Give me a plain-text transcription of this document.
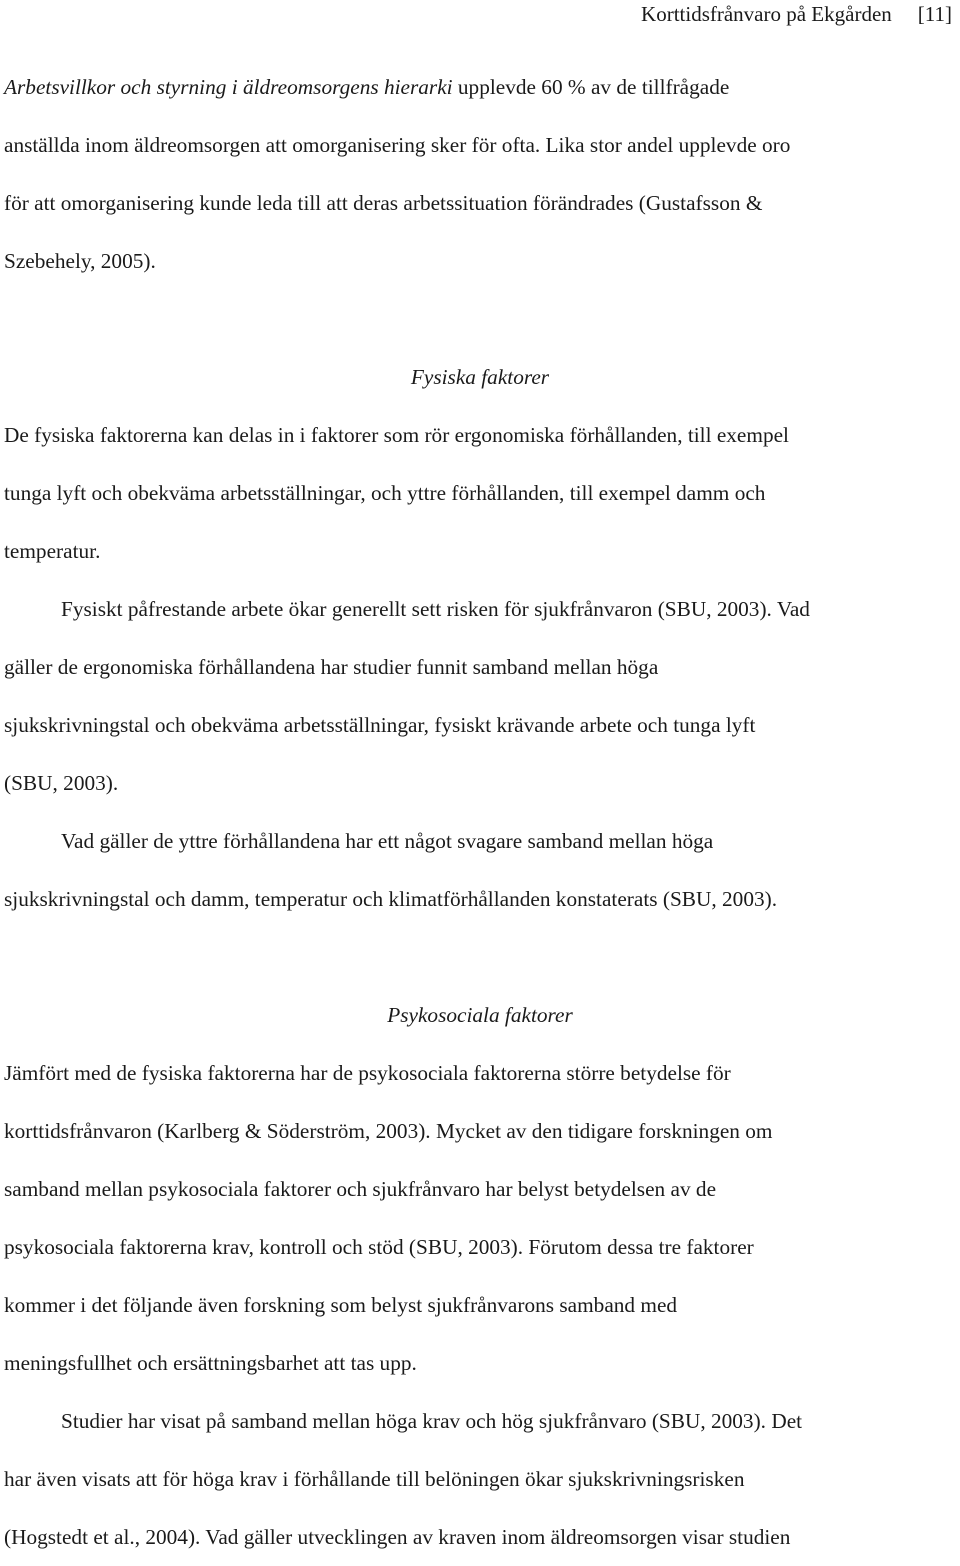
Korttidsfrånvaro på Ekgården [11]
Arbetsvillkor och styrning i äldreomsorgens hierarki upplevde 60 % av de tillfrågade
anställda inom äldreomsorgen att omorganisering sker för ofta. Lika stor andel upplevde oro
för att omorganisering kunde leda till att deras arbetssituation förändrades (Gustafsson &
Szebehely, 2005).
Fysiska faktorer
De fysiska faktorerna kan delas in i faktorer som rör ergonomiska förhållanden, till exempel
tunga lyft och obekväma arbetsställningar, och yttre förhållanden, till exempel damm och
temperatur.
Fysiskt påfrestande arbete ökar generellt sett risken för sjukfrånvaron (SBU, 2003). Vad
gäller de ergonomiska förhållandena har studier funnit samband mellan höga
sjukskrivningstal och obekväma arbetsställningar, fysiskt krävande arbete och tunga lyft
(SBU, 2003).
Vad gäller de yttre förhållandena har ett något svagare samband mellan höga
sjukskrivningstal och damm, temperatur och klimatförhållanden konstaterats (SBU, 2003).
Psykosociala faktorer
Jämfört med de fysiska faktorerna har de psykosociala faktorerna större betydelse för
korttidsfrånvaron (Karlberg & Söderström, 2003). Mycket av den tidigare forskningen om
samband mellan psykosociala faktorer och sjukfrånvaro har belyst betydelsen av de
psykosociala faktorerna krav, kontroll och stöd (SBU, 2003). Förutom dessa tre faktorer
kommer i det följande även forskning som belyst sjukfrånvarons samband med
meningsfullhet och ersättningsbarhet att tas upp.
Studier har visat på samband mellan höga krav och hög sjukfrånvaro (SBU, 2003). Det
har även visats att för höga krav i förhållande till belöningen ökar sjukskrivningsrisken
(Hogstedt et al., 2004). Vad gäller utvecklingen av kraven inom äldreomsorgen visar studien
